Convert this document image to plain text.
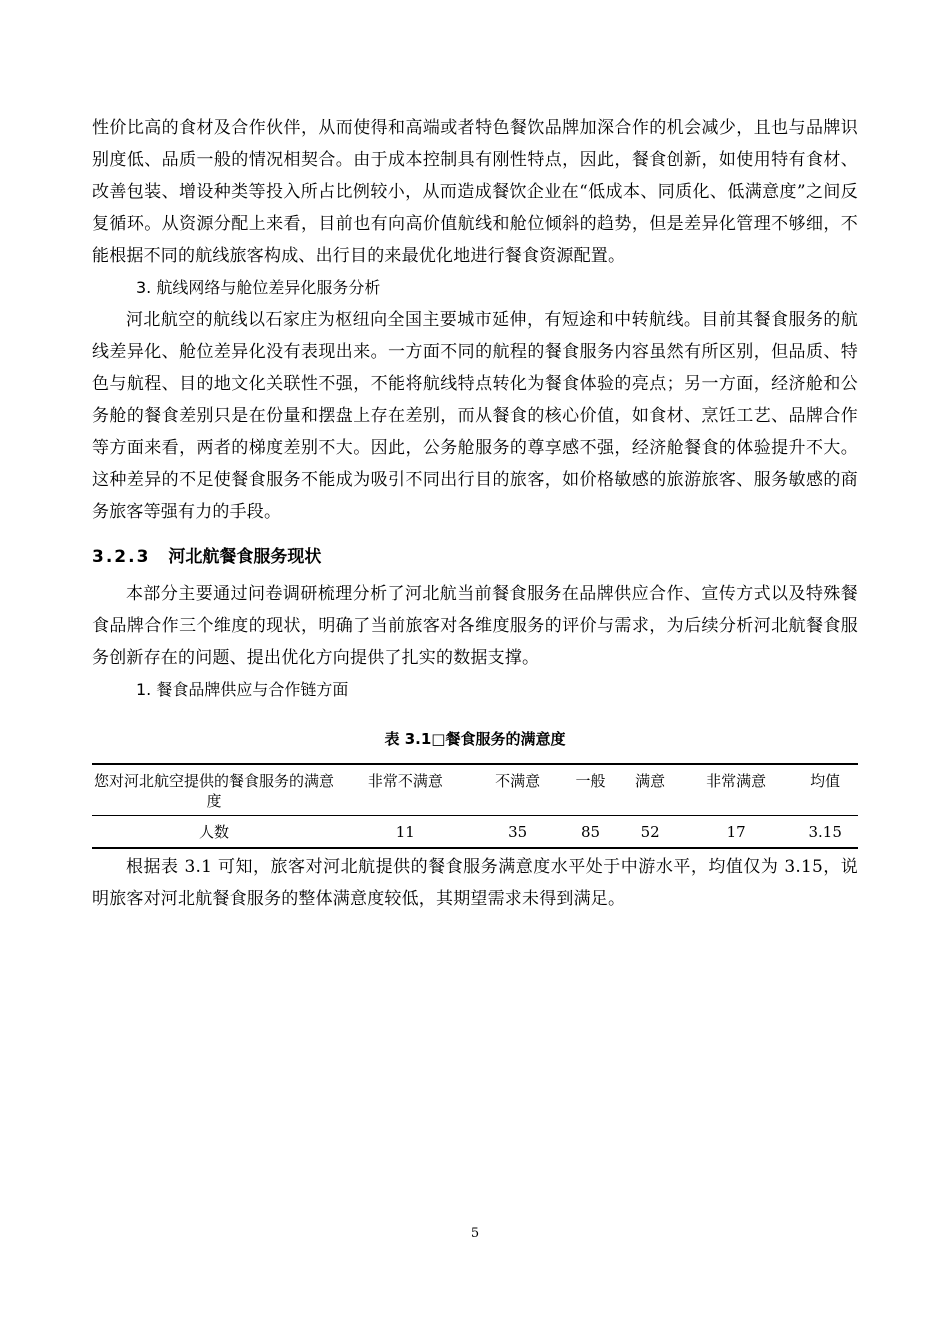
性价比高的食材及合作伙伴，从而使得和高端或者特色餐饮品牌加深合作的机会减少，且也与品牌识别度低、品质一般的情况相契合。由于成本控制具有刚性特点，因此，餐食创新，如使用特有食材、改善包装、增设种类等投入所占比例较小，从而造成餐饮企业在“低成本、同质化、低满意度”之间反复循环。从资源分配上来看，目前也有向高价值航线和舱位倾斜的趋势，但是差异化管理不够细，不能根据不同的航线旅客构成、出行目的来最优化地进行餐食资源配置。

3. 航线网络与舱位差异化服务分析

河北航空的航线以石家庄为枢纽向全国主要城市延伸，有短途和中转航线。目前其餐食服务的航线差异化、舱位差异化没有表现出来。一方面不同的航程的餐食服务内容虽然有所区别，但品质、特色与航程、目的地文化关联性不强，不能将航线特点转化为餐食体验的亮点；另一方面，经济舱和公务舱的餐食差别只是在份量和摆盘上存在差别，而从餐食的核心价值，如食材、烹饪工艺、品牌合作等方面来看，两者的梯度差别不大。因此，公务舱服务的尊享感不强，经济舱餐食的体验提升不大。这种差异的不足使餐食服务不能成为吸引不同出行目的旅客，如价格敏感的旅游旅客、服务敏感的商务旅客等强有力的手段。

3.2.3 河北航餐食服务现状

本部分主要通过问卷调研梳理分析了河北航当前餐食服务在品牌供应合作、宣传方式以及特殊餐食品牌合作三个维度的现状，明确了当前旅客对各维度服务的评价与需求，为后续分析河北航餐食服务创新存在的问题、提出优化方向提供了扎实的数据支撑。

1. 餐食品牌供应与合作链方面

表 3.1□餐食服务的满意度
您对河北航空提供的餐食服务的满意度	非常不满意	不满意	一般	满意	非常满意	均值
人数	11	35	85	52	17	3.15

根据表 3.1 可知，旅客对河北航提供的餐食服务满意度水平处于中游水平，均值仅为 3.15，说明旅客对河北航餐食服务的整体满意度较低，其期望需求未得到满足。

5
